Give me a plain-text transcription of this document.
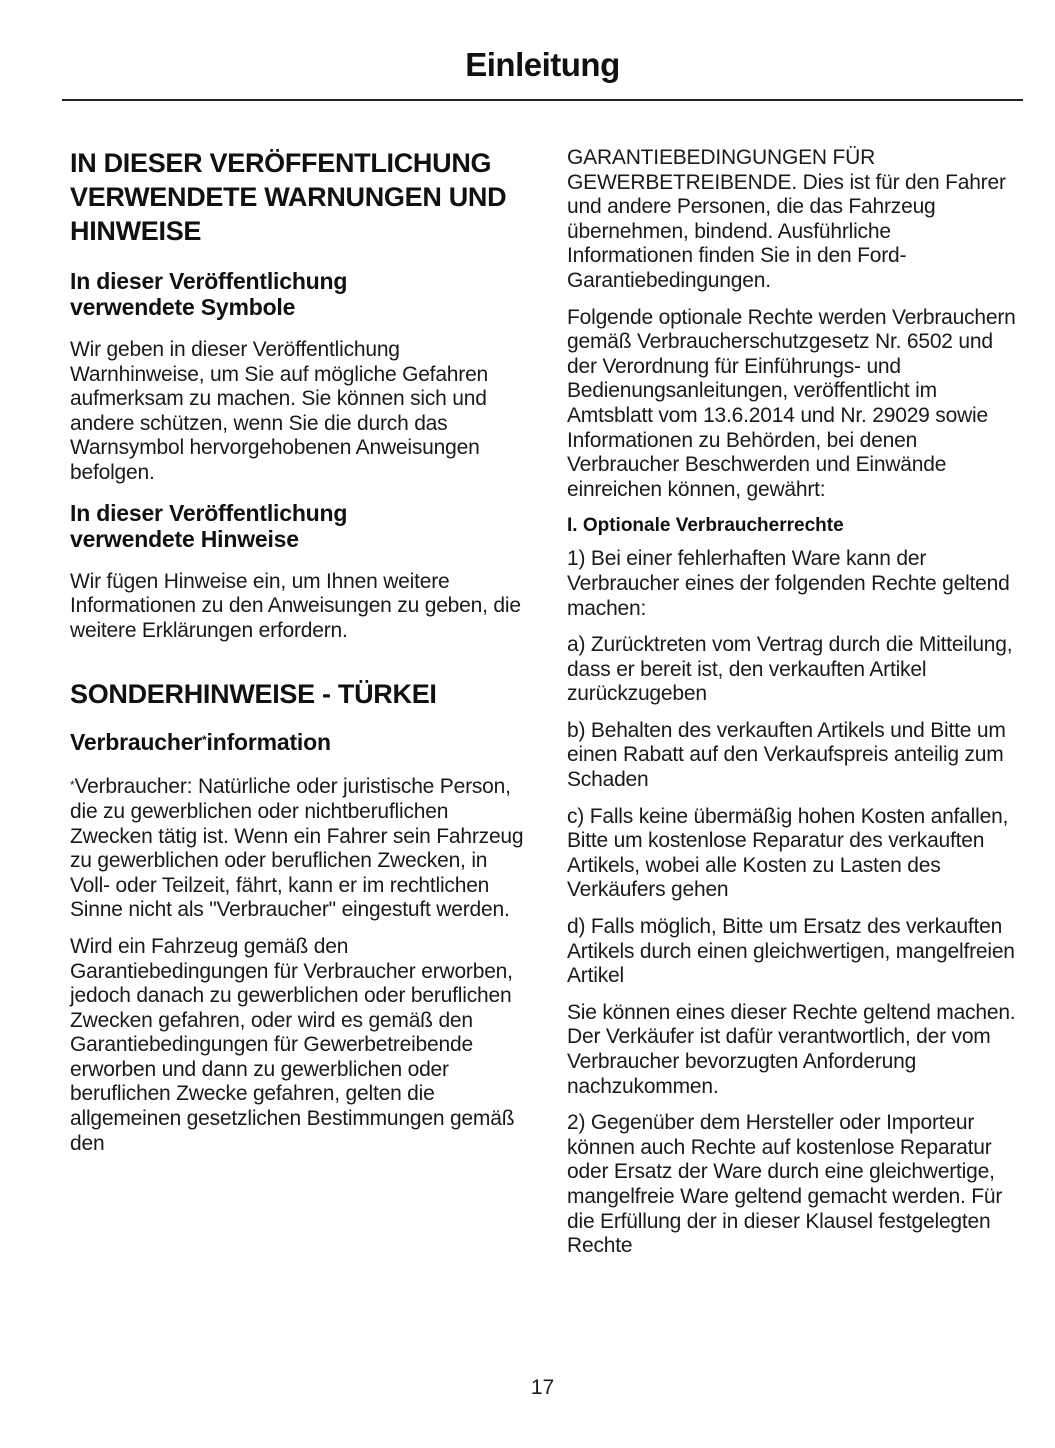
Einleitung
IN DIESER VERÖFFENTLICHUNG VERWENDETE WARNUNGEN UND HINWEISE
In dieser Veröffentlichung verwendete Symbole

Wir geben in dieser Veröffentlichung Warnhinweise, um Sie auf mögliche Gefahren aufmerksam zu machen. Sie können sich und andere schützen, wenn Sie die durch das Warnsymbol hervorgehobenen Anweisungen befolgen.

In dieser Veröffentlichung verwendete Hinweise

Wir fügen Hinweise ein, um Ihnen weitere Informationen zu den Anweisungen zu geben, die weitere Erklärungen erfordern.

SONDERHINWEISE - TÜRKEI
Verbraucher*information

*Verbraucher: Natürliche oder juristische Person, die zu gewerblichen oder nichtberuflichen Zwecken tätig ist. Wenn ein Fahrer sein Fahrzeug zu gewerblichen oder beruflichen Zwecken, in Voll- oder Teilzeit, fährt, kann er im rechtlichen Sinne nicht als "Verbraucher" eingestuft werden.

Wird ein Fahrzeug gemäß den Garantiebedingungen für Verbraucher erworben, jedoch danach zu gewerblichen oder beruflichen Zwecken gefahren, oder wird es gemäß den Garantiebedingungen für Gewerbetreibende erworben und dann zu gewerblichen oder beruflichen Zwecke gefahren, gelten die allgemeinen gesetzlichen Bestimmungen gemäß den

GARANTIEBEDINGUNGEN FÜR GEWERBETREIBENDE. Dies ist für den Fahrer und andere Personen, die das Fahrzeug übernehmen, bindend. Ausführliche Informationen finden Sie in den Ford-Garantiebedingungen.

Folgende optionale Rechte werden Verbrauchern gemäß Verbraucherschutzgesetz Nr. 6502 und der Verordnung für Einführungs- und Bedienungsanleitungen, veröffentlicht im Amtsblatt vom 13.6.2014 und Nr. 29029 sowie Informationen zu Behörden, bei denen Verbraucher Beschwerden und Einwände einreichen können, gewährt:

I. Optionale Verbraucherrechte

1) Bei einer fehlerhaften Ware kann der Verbraucher eines der folgenden Rechte geltend machen:

a) Zurücktreten vom Vertrag durch die Mitteilung, dass er bereit ist, den verkauften Artikel zurückzugeben

b) Behalten des verkauften Artikels und Bitte um einen Rabatt auf den Verkaufspreis anteilig zum Schaden

c) Falls keine übermäßig hohen Kosten anfallen, Bitte um kostenlose Reparatur des verkauften Artikels, wobei alle Kosten zu Lasten des Verkäufers gehen

d) Falls möglich, Bitte um Ersatz des verkauften Artikels durch einen gleichwertigen, mangelfreien Artikel

Sie können eines dieser Rechte geltend machen. Der Verkäufer ist dafür verantwortlich, der vom Verbraucher bevorzugten Anforderung nachzukommen.

2) Gegenüber dem Hersteller oder Importeur können auch Rechte auf kostenlose Reparatur oder Ersatz der Ware durch eine gleichwertige, mangelfreie Ware geltend gemacht werden. Für die Erfüllung der in dieser Klausel festgelegten Rechte

17
